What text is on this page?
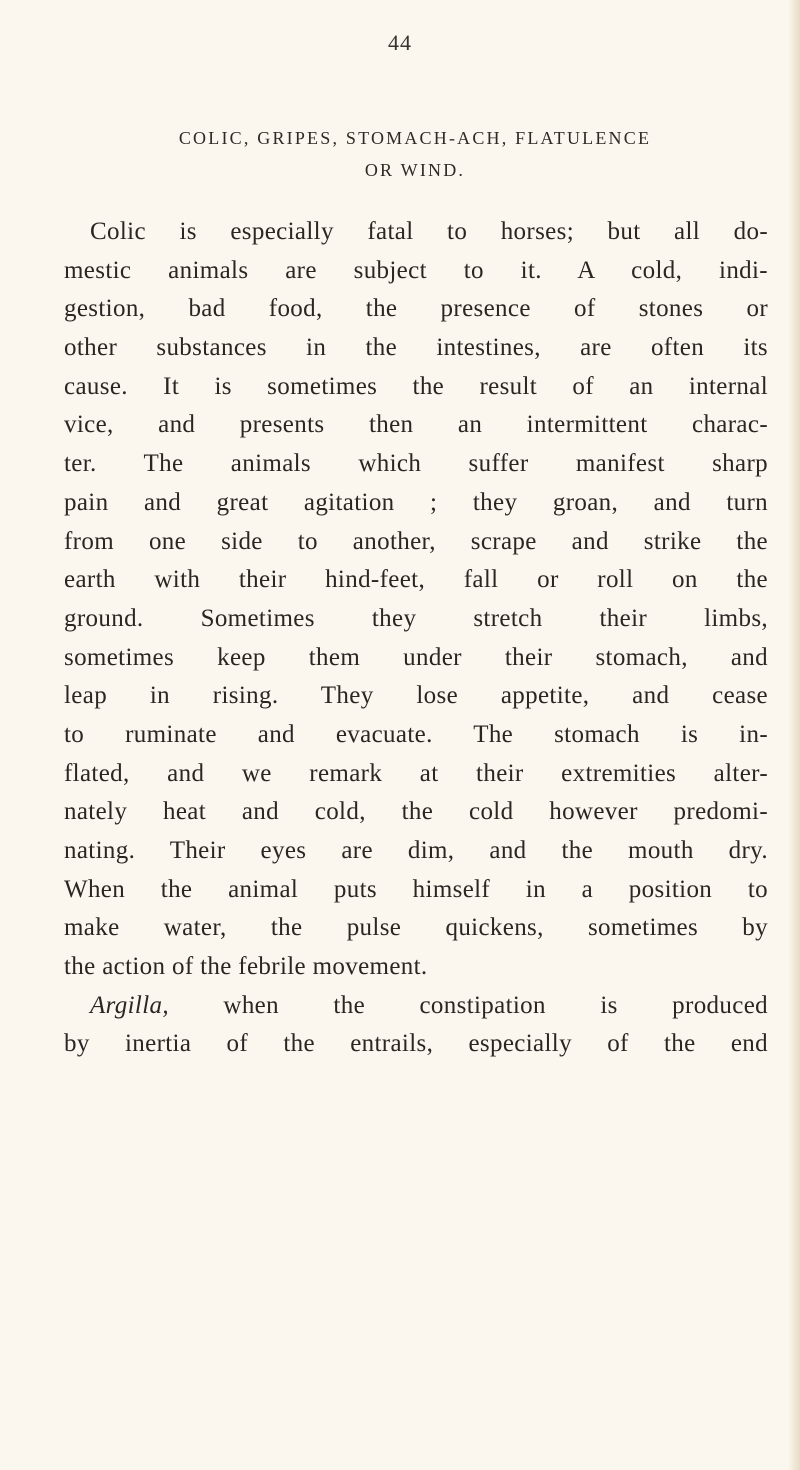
44
COLIC, GRIPES, STOMACH-ACH, FLATULENCE
OR WIND.
Colic is especially fatal to horses; but all do-
mestic animals are subject to it. A cold, indi-
gestion, bad food, the presence of stones or
other substances in the intestines, are often its
cause. It is sometimes the result of an internal
vice, and presents then an intermittent charac-
ter. The animals which suffer manifest sharp
pain and great agitation ; they groan, and turn
from one side to another, scrape and strike the
earth with their hind-feet, fall or roll on the
ground. Sometimes they stretch their limbs,
sometimes keep them under their stomach, and
leap in rising. They lose appetite, and cease
to ruminate and evacuate. The stomach is in-
flated, and we remark at their extremities alter-
nately heat and cold, the cold however predomi-
nating. Their eyes are dim, and the mouth dry.
When the animal puts himself in a position to
make water, the pulse quickens, sometimes by
the action of the febrile movement.
Argilla, when the constipation is produced
by inertia of the entrails, especially of the end
